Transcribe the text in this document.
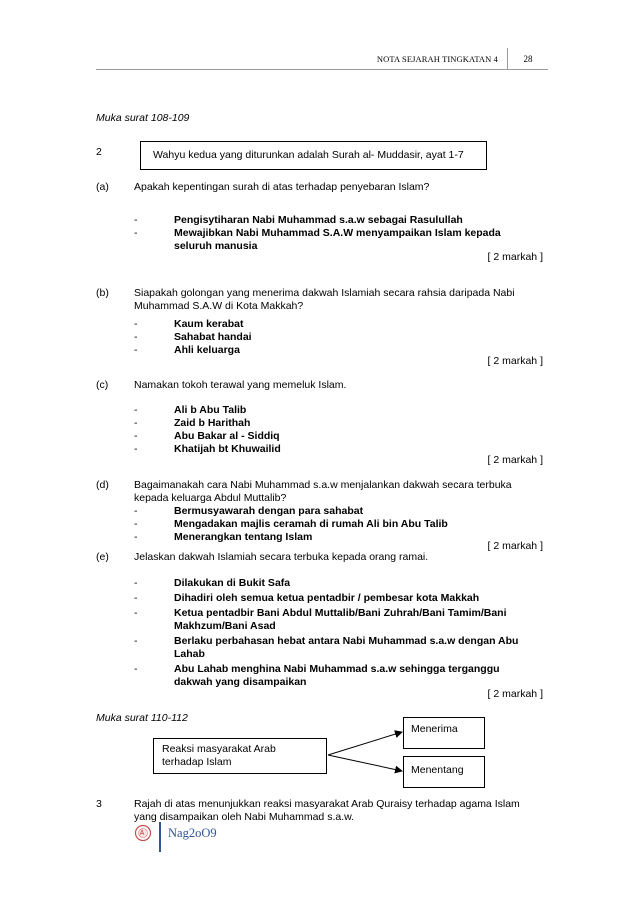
NOTA SEJARAH TINGKATAN 4	28
Muka surat 108-109
2	Wahyu kedua yang diturunkan adalah Surah al- Muddasir, ayat 1-7
(a) Apakah kepentingan surah di atas terhadap penyebaran Islam?
-	Pengisytiharan Nabi Muhammad s.a.w sebagai Rasulullah
-	Mewajibkan Nabi Muhammad S.A.W menyampaikan Islam kepada
seluruh manusia
[ 2 markah ]
(b) Siapakah golongan yang menerima dakwah Islamiah secara rahsia daripada Nabi
Muhammad S.A.W di Kota Makkah?
-	Kaum kerabat
-	Sahabat handai
-	Ahli keluarga
[ 2 markah ]
(c) Namakan tokoh terawal yang memeluk Islam.
-	Ali b Abu Talib
-	Zaid b Harithah
-	Abu Bakar al - Siddiq
-	Khatijah bt Khuwailid
[ 2 markah ]
(d) Bagaimanakah cara Nabi Muhammad s.a.w menjalankan dakwah secara terbuka
kepada keluarga Abdul Muttalib?
-	Bermusyawarah dengan para sahabat
-	Mengadakan majlis ceramah di rumah Ali bin Abu Talib
-	Menerangkan tentang Islam
[ 2 markah ]
(e) Jelaskan dakwah Islamiah secara terbuka kepada orang ramai.
-	Dilakukan di Bukit Safa
-	Dihadiri oleh semua ketua pentadbir / pembesar kota Makkah
-	Ketua pentadbir Bani Abdul Muttalib/Bani Zuhrah/Bani Tamim/Bani
Makhzum/Bani Asad
-	Berlaku perbahasan hebat antara Nabi Muhammad s.a.w dengan Abu
Lahab
-	Abu Lahab menghina Nabi Muhammad s.a.w sehingga terganggu
dakwah yang disampaikan
[ 2 markah ]
Muka surat 110-112
Reaksi masyarakat Arab
terhadap Islam
Menerima
Menentang
3	Rajah di atas menunjukkan reaksi masyarakat Arab Quraisy terhadap agama Islam
yang disampaikan oleh Nabi Muhammad s.a.w.
Nag2oO9
